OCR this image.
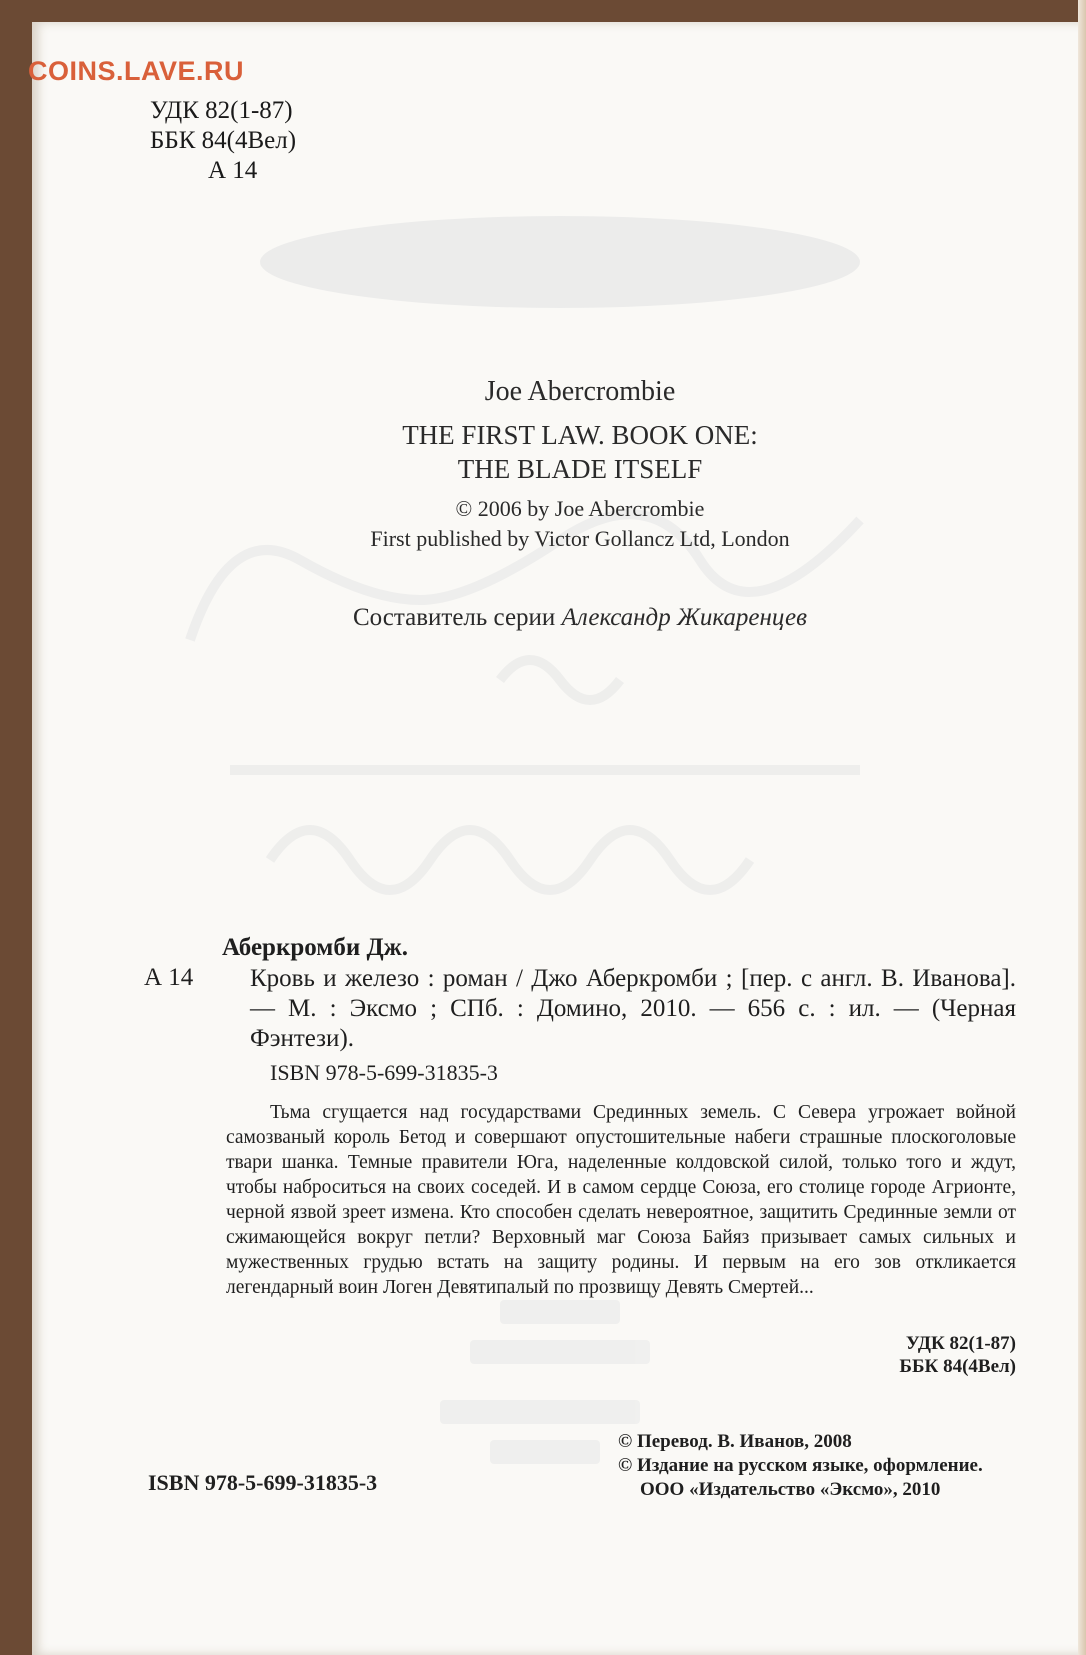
COINS.LAVE.RU
УДК 82(1-87)
ББК 84(4Вел)
А 14
Joe Abercrombie
THE FIRST LAW. BOOK ONE:
THE BLADE ITSELF
© 2006 by Joe Abercrombie
First published by Victor Gollancz Ltd, London
Составитель серии Александр Жикаренцев
Аберкромби Дж.
А 14 Кровь и железо : роман / Джо Аберкромби ; [пер. с англ. В. Иванова]. — М. : Эксмо ; СПб. : Домино, 2010. — 656 с. : ил. — (Черная Фэнтези).
ISBN 978-5-699-31835-3
Тьма сгущается над государствами Срединных земель. С Севера угрожает войной самозваный король Бетод и совершают опустошительные набеги страшные плоскоголовые твари шанка. Темные правители Юга, наделенные колдовской силой, только того и ждут, чтобы наброситься на своих соседей. И в самом сердце Союза, его столице городе Агрионте, черной язвой зреет измена. Кто способен сделать невероятное, защитить Срединные земли от сжимающейся вокруг петли? Верховный маг Союза Байяз призывает самых сильных и мужественных грудью встать на защиту родины. И первым на его зов откликается легендарный воин Логен Девятипалый по прозвищу Девять Смертей...
УДК 82(1-87)
ББК 84(4Вел)
ISBN 978-5-699-31835-3
© Перевод. В. Иванов, 2008
© Издание на русском языке, оформление.
ООО «Издательство «Эксмо», 2010
